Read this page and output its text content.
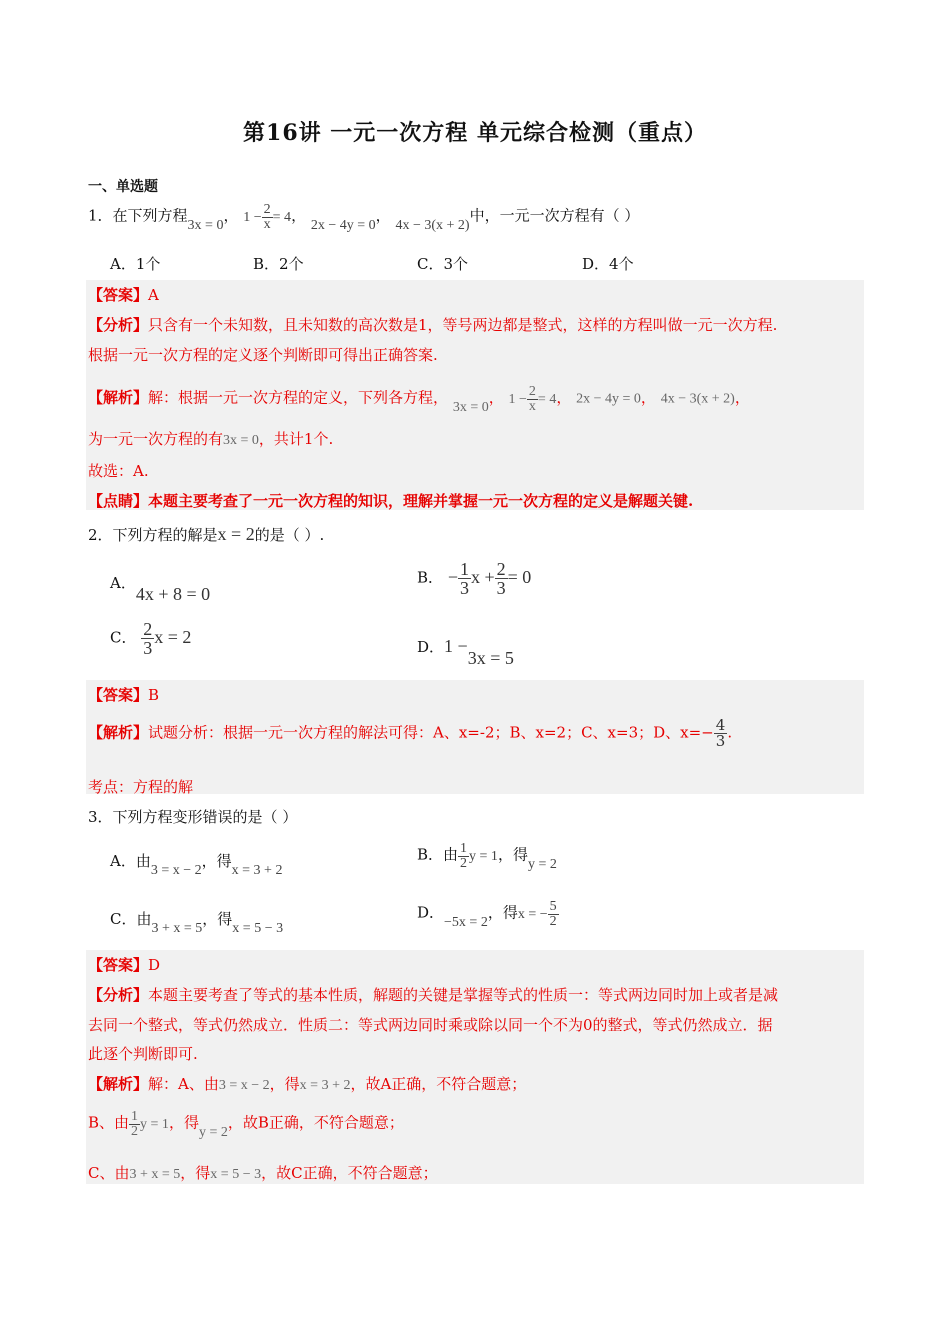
第16讲 一元一次方程 单元综合检测（重点）
一、单选题
1．在下列方程3x = 0， $1 - \frac{2}{x} = 4$， 2x − 4y = 0， 4x − 3(x + 2)中，一元一次方程有（ ）
A．1个	B．2个	C．3个	D．4个
【答案】A
【分析】只含有一个未知数，且未知数的高次数是1，等号两边都是整式，这样的方程叫做一元一次方程.
根据一元一次方程的定义逐个判断即可得出正确答案.
【解析】解：根据一元一次方程的定义，下列各方程， 3x = 0， $1 - \frac{2}{x} = 4$， 2x − 4y = 0， 4x − 3(x + 2)，
为一元一次方程的有3x = 0，共计1个.
故选：A.
【点睛】本题主要考查了一元一次方程的知识，理解并掌握一元一次方程的定义是解题关键.
2．下列方程的解是x = 2的是（ ）.
A．4x + 8 = 0
B． − $\frac{1}{3}$ $x + \frac{2}{3} = 0$
C． $\frac{2}{3}$ x = 2
D．1 −3x = 5
【答案】B
【解析】试题分析：根据一元一次方程的解法可得：A、x=-2；B、x=2；C、x=3；D、$x=- \frac{4}{3}$ .
考点：方程的解
3．下列方程变形错误的是（ ）
A．由3 = x − 2，得x = 3 + 2
B．由 $\frac{1}{2}$ y = 1，得y = 2
C．由3 + x = 5，得x = 5 − 3
D．−5x = 2，得x = − $\frac{5}{2}$
【答案】D
【分析】本题主要考查了等式的基本性质，解题的关键是掌握等式的性质一：等式两边同时加上或者是减
去同一个整式，等式仍然成立．性质二：等式两边同时乘或除以同一个不为0的整式，等式仍然成立．据
此逐个判断即可.
【解析】解：A、由3 = x − 2，得x = 3 + 2，故A正确，不符合题意；
B、由 $\frac{1}{2}$ y = 1，得y = 2，故B正确，不符合题意；
C、由3 + x = 5，得x = 5 − 3，故C正确，不符合题意；
